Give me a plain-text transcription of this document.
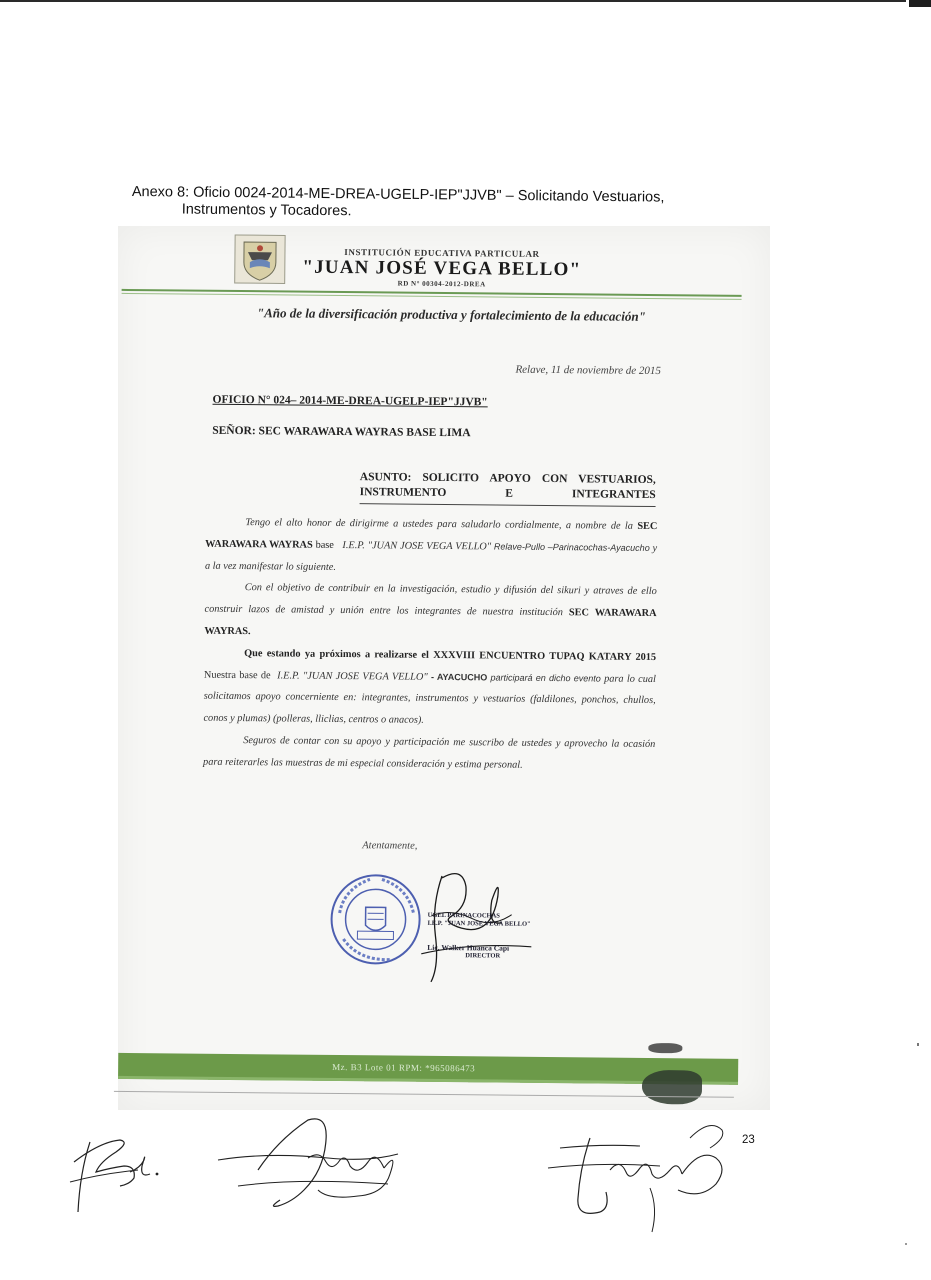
Anexo 8: Oficio 0024-2014-ME-DREA-UGELP-IEP"JJVB" – Solicitando Vestuarios,
Instrumentos y Tocadores.
INSTITUCIÓN EDUCATIVA PARTICULAR
"JUAN JOSÉ VEGA BELLO"
RD N° 00304-2012-DREA
"Año de la diversificación productiva y fortalecimiento de la educación"
Relave, 11 de noviembre de 2015
OFICIO N° 024– 2014-ME-DREA-UGELP-IEP"JJVB"
SEÑOR: SEC WARAWARA WAYRAS BASE LIMA
ASUNTO: SOLICITO APOYO CON VESTUARIOS, INSTRUMENTO E INTEGRANTES

Tengo el alto honor de dirigirme a ustedes para saludarlo cordialmente, a nombre de la SEC WARAWARA WAYRAS base I.E.P. "JUAN JOSE VEGA VELLO" Relave-Pullo –Parinacochas-Ayacucho y a la vez manifestar lo siguiente.

Con el objetivo de contribuir en la investigación, estudio y difusión del sikuri y atraves de ello construir lazos de amistad y unión entre los integrantes de nuestra institución SEC WARAWARA WAYRAS.

Que estando ya próximos a realizarse el XXXVIII ENCUENTRO TUPAQ KATARY 2015 Nuestra base de I.E.P. "JUAN JOSE VEGA VELLO" - AYACUCHO participará en dicho evento para lo cual solicitamos apoyo concerniente en: integrantes, instrumentos y vestuarios (faldilones, ponchos, chullos, conos y plumas) (polleras, lliclias, centros o anacos).

Seguros de contar con su apoyo y participación me suscribo de ustedes y aprovecho la ocasión para reiterarles las muestras de mi especial consideración y estima personal.

Atentamente,
UGEL PARINACOCHAS
I.E.P. "JUAN JOSE VEGA BELLO"
Lic. Walker Huanca Capi
DIRECTOR
Mz. B3 Lote 01 RPM: *965086473
23
